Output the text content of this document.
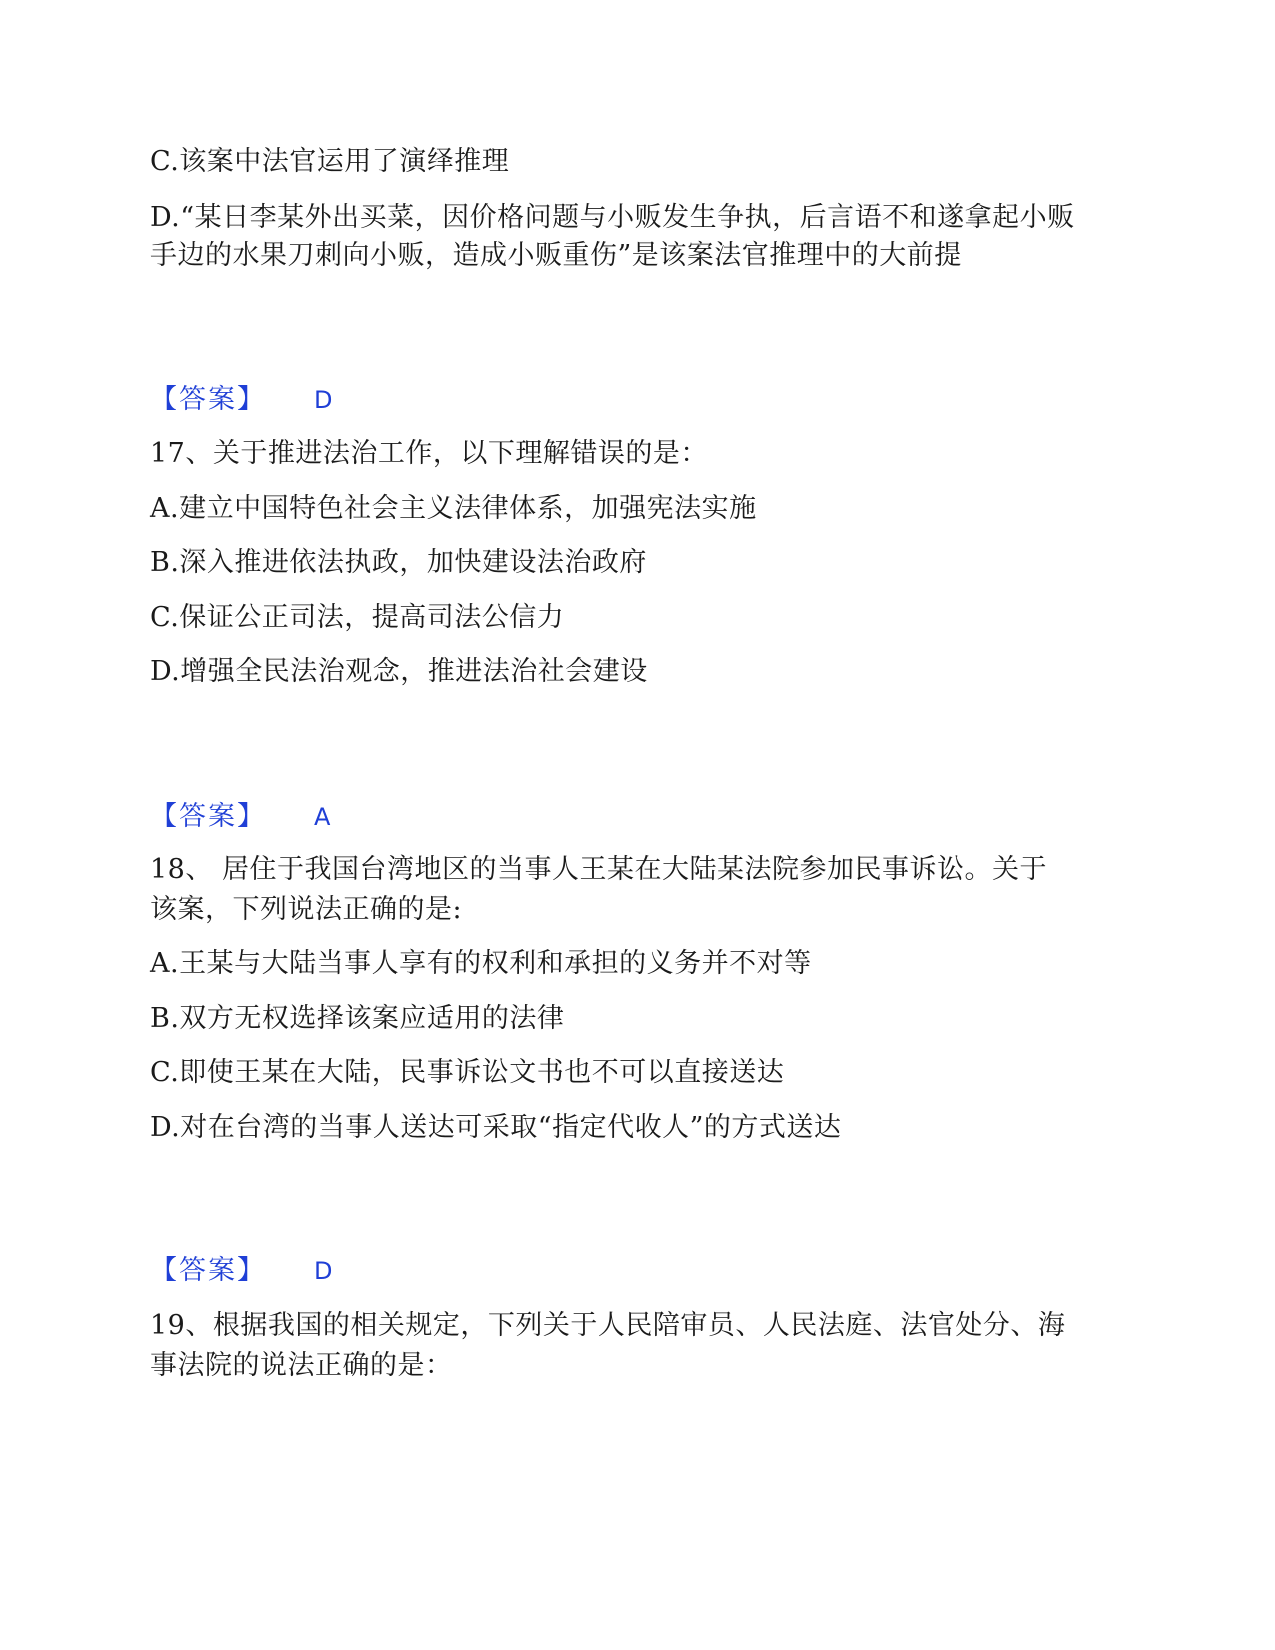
C.该案中法官运用了演绎推理
D.“某日李某外出买菜，因价格问题与小贩发生争执，后言语不和遂拿起小贩
手边的水果刀刺向小贩，造成小贩重伤”是该案法官推理中的大前提
【答案】 D
17、关于推进法治工作，以下理解错误的是：
A.建立中国特色社会主义法律体系，加强宪法实施
B.深入推进依法执政，加快建设法治政府
C.保证公正司法，提高司法公信力
D.增强全民法治观念，推进法治社会建设
【答案】 A
18、 居住于我国台湾地区的当事人王某在大陆某法院参加民事诉讼。关于
该案，下列说法正确的是:
A.王某与大陆当事人享有的权利和承担的义务并不对等
B.双方无权选择该案应适用的法律
C.即使王某在大陆，民事诉讼文书也不可以直接送达
D.对在台湾的当事人送达可采取“指定代收人”的方式送达
【答案】 D
19、根据我国的相关规定，下列关于人民陪审员、人民法庭、法官处分、海
事法院的说法正确的是：
